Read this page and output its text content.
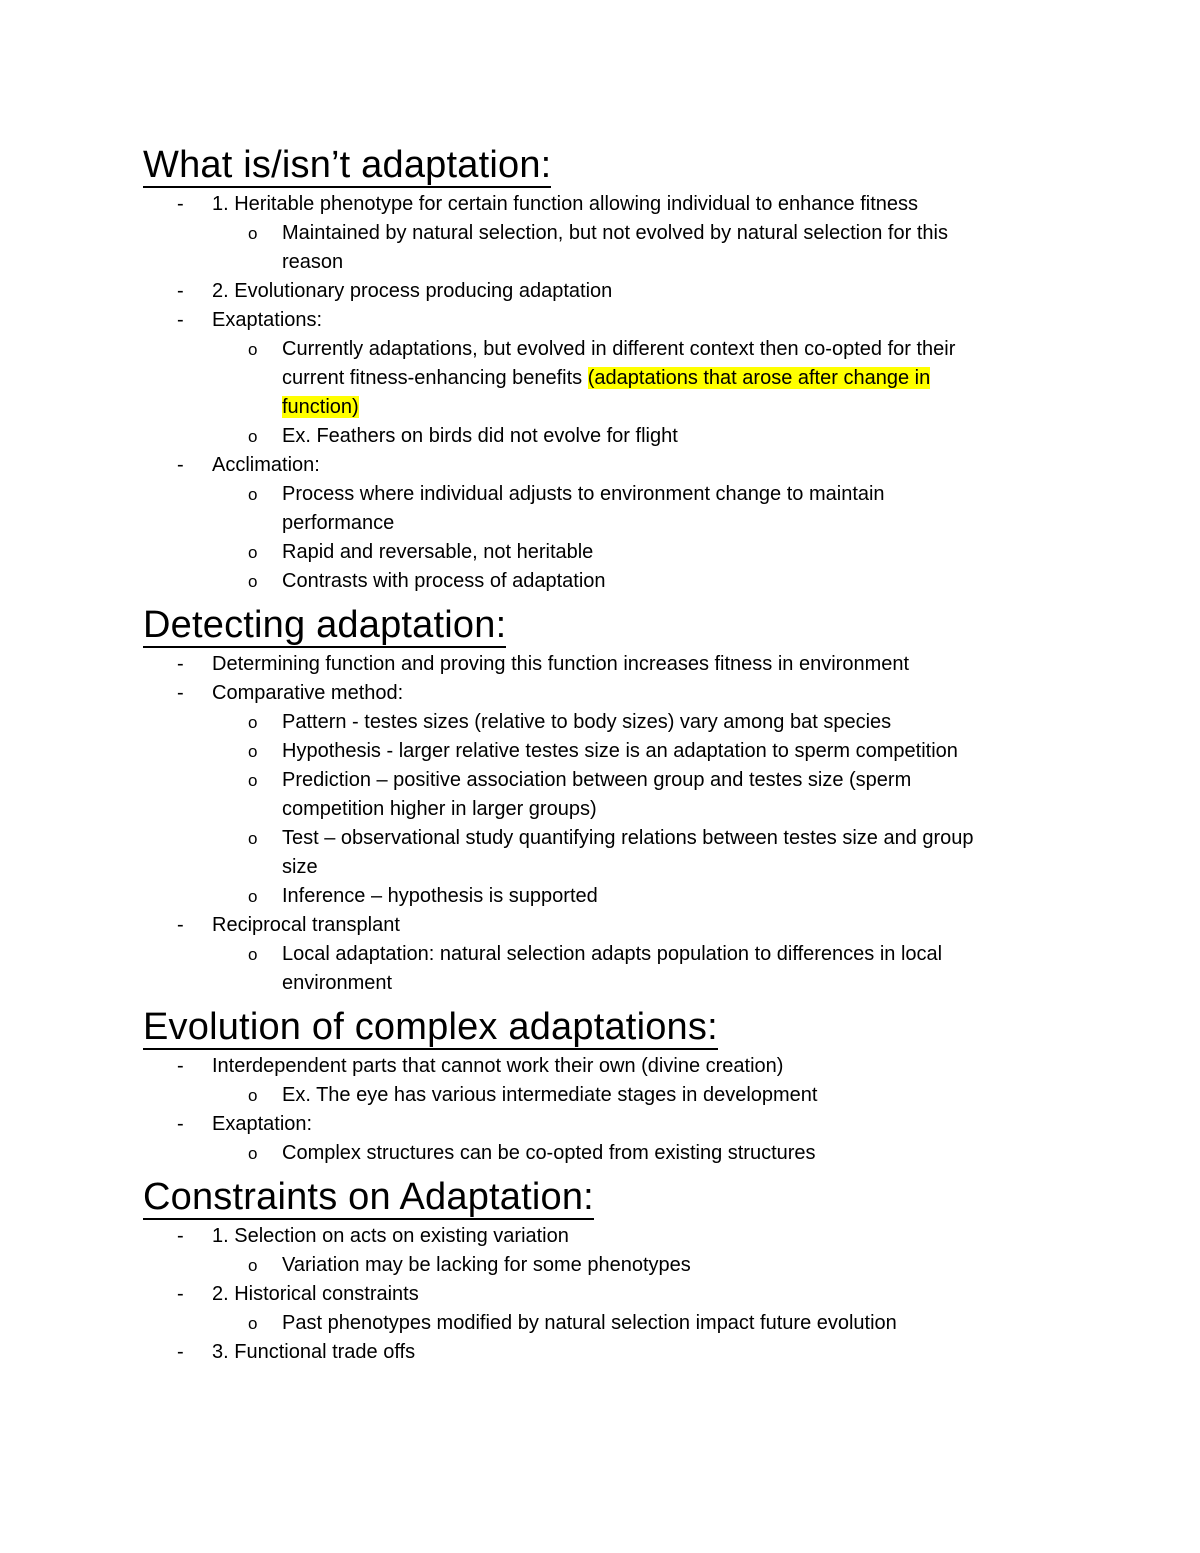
What is/isn’t adaptation:
- 1. Heritable phenotype for certain function allowing individual to enhance fitness
o Maintained by natural selection, but not evolved by natural selection for this
reason
- 2. Evolutionary process producing adaptation
- Exaptations:
o Currently adaptations, but evolved in different context then co-opted for their
current fitness-enhancing benefits (adaptations that arose after change in
function)
o Ex. Feathers on birds did not evolve for flight
- Acclimation:
o Process where individual adjusts to environment change to maintain
performance
o Rapid and reversable, not heritable
o Contrasts with process of adaptation
Detecting adaptation:
- Determining function and proving this function increases fitness in environment
- Comparative method:
o Pattern - testes sizes (relative to body sizes) vary among bat species
o Hypothesis - larger relative testes size is an adaptation to sperm competition
o Prediction – positive association between group and testes size (sperm
competition higher in larger groups)
o Test – observational study quantifying relations between testes size and group
size
o Inference – hypothesis is supported
- Reciprocal transplant
o Local adaptation: natural selection adapts population to differences in local
environment
Evolution of complex adaptations:
- Interdependent parts that cannot work their own (divine creation)
o Ex. The eye has various intermediate stages in development
- Exaptation:
o Complex structures can be co-opted from existing structures
Constraints on Adaptation:
- 1. Selection on acts on existing variation
o Variation may be lacking for some phenotypes
- 2. Historical constraints
o Past phenotypes modified by natural selection impact future evolution
- 3. Functional trade offs
